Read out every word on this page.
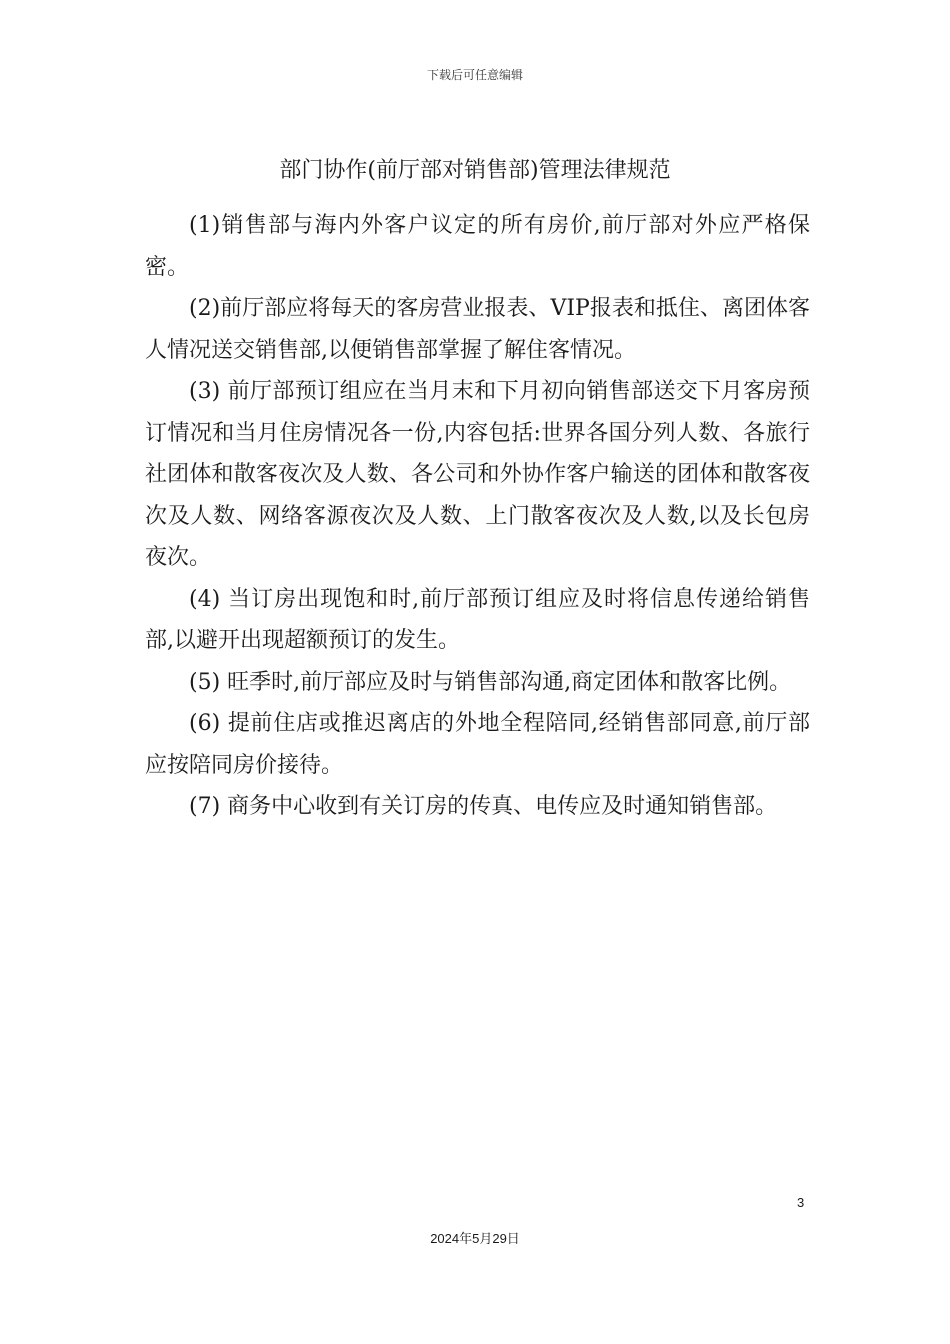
下载后可任意编辑
部门协作(前厅部对销售部)管理法律规范

(1)销售部与海内外客户议定的所有房价,前厅部对外应严格保密。

(2)前厅部应将每天的客房营业报表、VIP报表和抵住、离团体客人情况送交销售部,以便销售部掌握了解住客情况。

(3) 前厅部预订组应在当月末和下月初向销售部送交下月客房预订情况和当月住房情况各一份,内容包括:世界各国分列人数、各旅行社团体和散客夜次及人数、各公司和外协作客户输送的团体和散客夜次及人数、网络客源夜次及人数、上门散客夜次及人数,以及长包房夜次。

(4) 当订房出现饱和时,前厅部预订组应及时将信息传递给销售部,以避开出现超额预订的发生。

(5) 旺季时,前厅部应及时与销售部沟通,商定团体和散客比例。

(6) 提前住店或推迟离店的外地全程陪同,经销售部同意,前厅部应按陪同房价接待。

(7) 商务中心收到有关订房的传真、电传应及时通知销售部。

3
2024年5月29日
